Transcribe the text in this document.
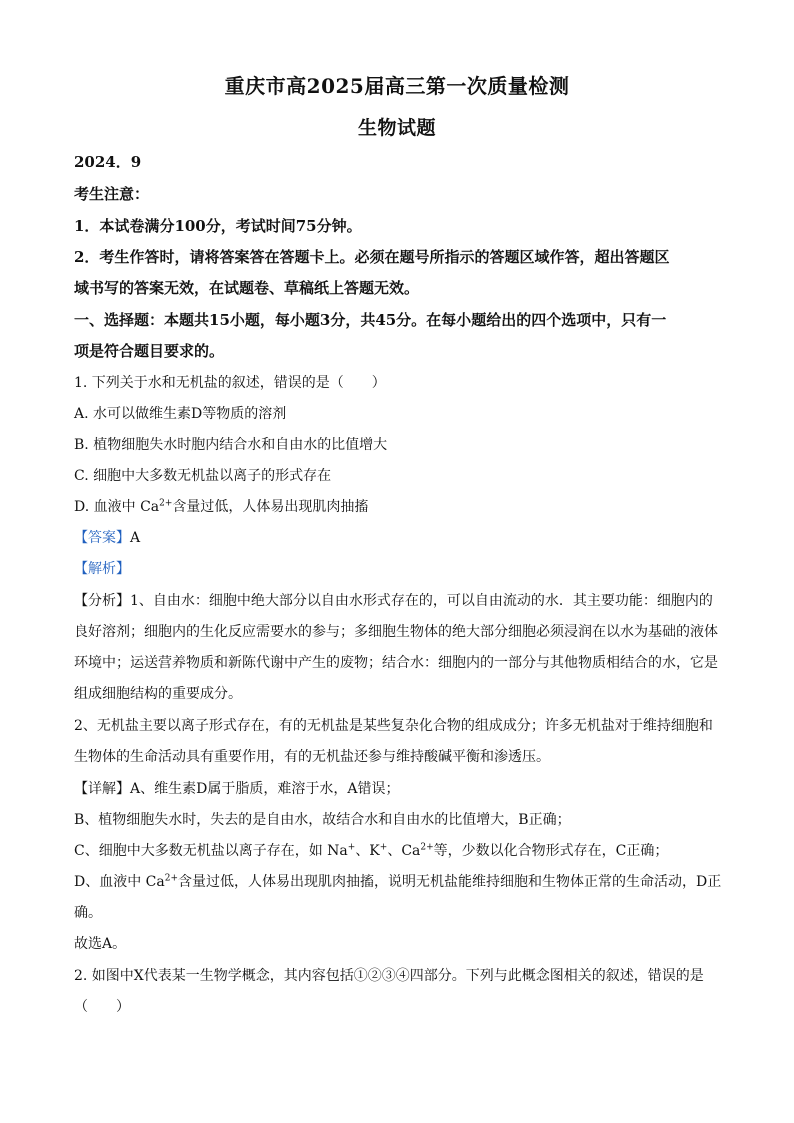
重庆市高2025届高三第一次质量检测
生物试题
2024．9
考生注意：
1．本试卷满分100分，考试时间75分钟。
2．考生作答时，请将答案答在答题卡上。必须在题号所指示的答题区域作答，超出答题区
域书写的答案无效，在试题卷、草稿纸上答题无效。
一、选择题：本题共15小题，每小题3分，共45分。在每小题给出的四个选项中，只有一
项是符合题目要求的。
1. 下列关于水和无机盐的叙述，错误的是（　　）
A. 水可以做维生素D等物质的溶剂
B. 植物细胞失水时胞内结合水和自由水的比值增大
C. 细胞中大多数无机盐以离子的形式存在
D. 血液中 $Ca^{2+}$含量过低，人体易出现肌肉抽搐
【答案】A
【解析】
【分析】1、自由水：细胞中绝大部分以自由水形式存在的，可以自由流动的水．其主要功能：细胞内的
良好溶剂；细胞内的生化反应需要水的参与；多细胞生物体的绝大部分细胞必须浸润在以水为基础的液体
环境中；运送营养物质和新陈代谢中产生的废物；结合水：细胞内的一部分与其他物质相结合的水，它是
组成细胞结构的重要成分。
2、无机盐主要以离子形式存在，有的无机盐是某些复杂化合物的组成成分；许多无机盐对于维持细胞和
生物体的生命活动具有重要作用，有的无机盐还参与维持酸碱平衡和渗透压。
【详解】A、维生素D属于脂质，难溶于水，A错误；
B、植物细胞失水时，失去的是自由水，故结合水和自由水的比值增大，B正确；
C、细胞中大多数无机盐以离子存在，如 Na+、K+、$Ca^{2+}$等，少数以化合物形式存在，C正确；
D、血液中 $Ca^{2+}$含量过低，人体易出现肌肉抽搐，说明无机盐能维持细胞和生物体正常的生命活动，D正
确。
故选A。
2. 如图中X代表某一生物学概念，其内容包括①②③④四部分。下列与此概念图相关的叙述，错误的是
（　　）
